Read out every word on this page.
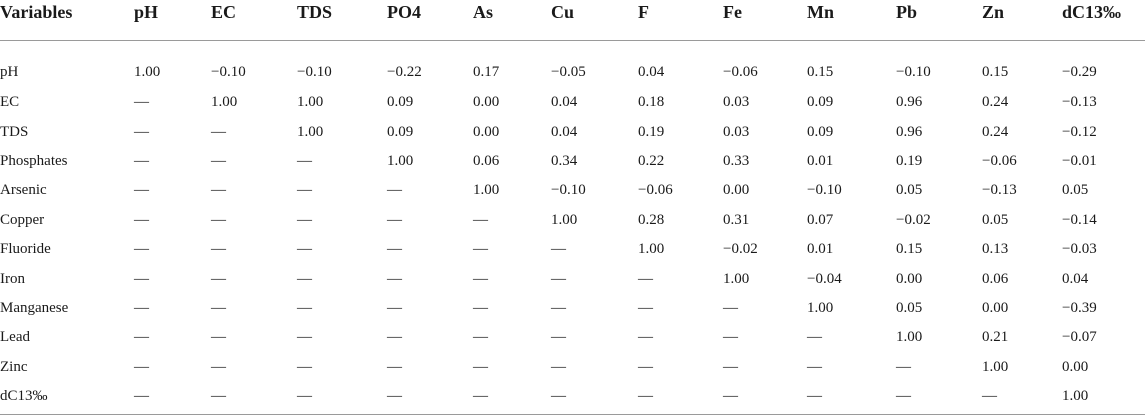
Variables	pH	EC	TDS	PO4	As	Cu	F	Fe	Mn	Pb	Zn	dC13‰
pH	1.00	−0.10	−0.10	−0.22	0.17	−0.05	0.04	−0.06	0.15	−0.10	0.15	−0.29
EC	—	1.00	1.00	0.09	0.00	0.04	0.18	0.03	0.09	0.96	0.24	−0.13
TDS	—	—	1.00	0.09	0.00	0.04	0.19	0.03	0.09	0.96	0.24	−0.12
Phosphates	—	—	—	1.00	0.06	0.34	0.22	0.33	0.01	0.19	−0.06	−0.01
Arsenic	—	—	—	—	1.00	−0.10	−0.06	0.00	−0.10	0.05	−0.13	0.05
Copper	—	—	—	—	—	1.00	0.28	0.31	0.07	−0.02	0.05	−0.14
Fluoride	—	—	—	—	—	—	1.00	−0.02	0.01	0.15	0.13	−0.03
Iron	—	—	—	—	—	—	—	1.00	−0.04	0.00	0.06	0.04
Manganese	—	—	—	—	—	—	—	—	1.00	0.05	0.00	−0.39
Lead	—	—	—	—	—	—	—	—	—	1.00	0.21	−0.07
Zinc	—	—	—	—	—	—	—	—	—	—	1.00	0.00
dC13‰	—	—	—	—	—	—	—	—	—	—	—	1.00
